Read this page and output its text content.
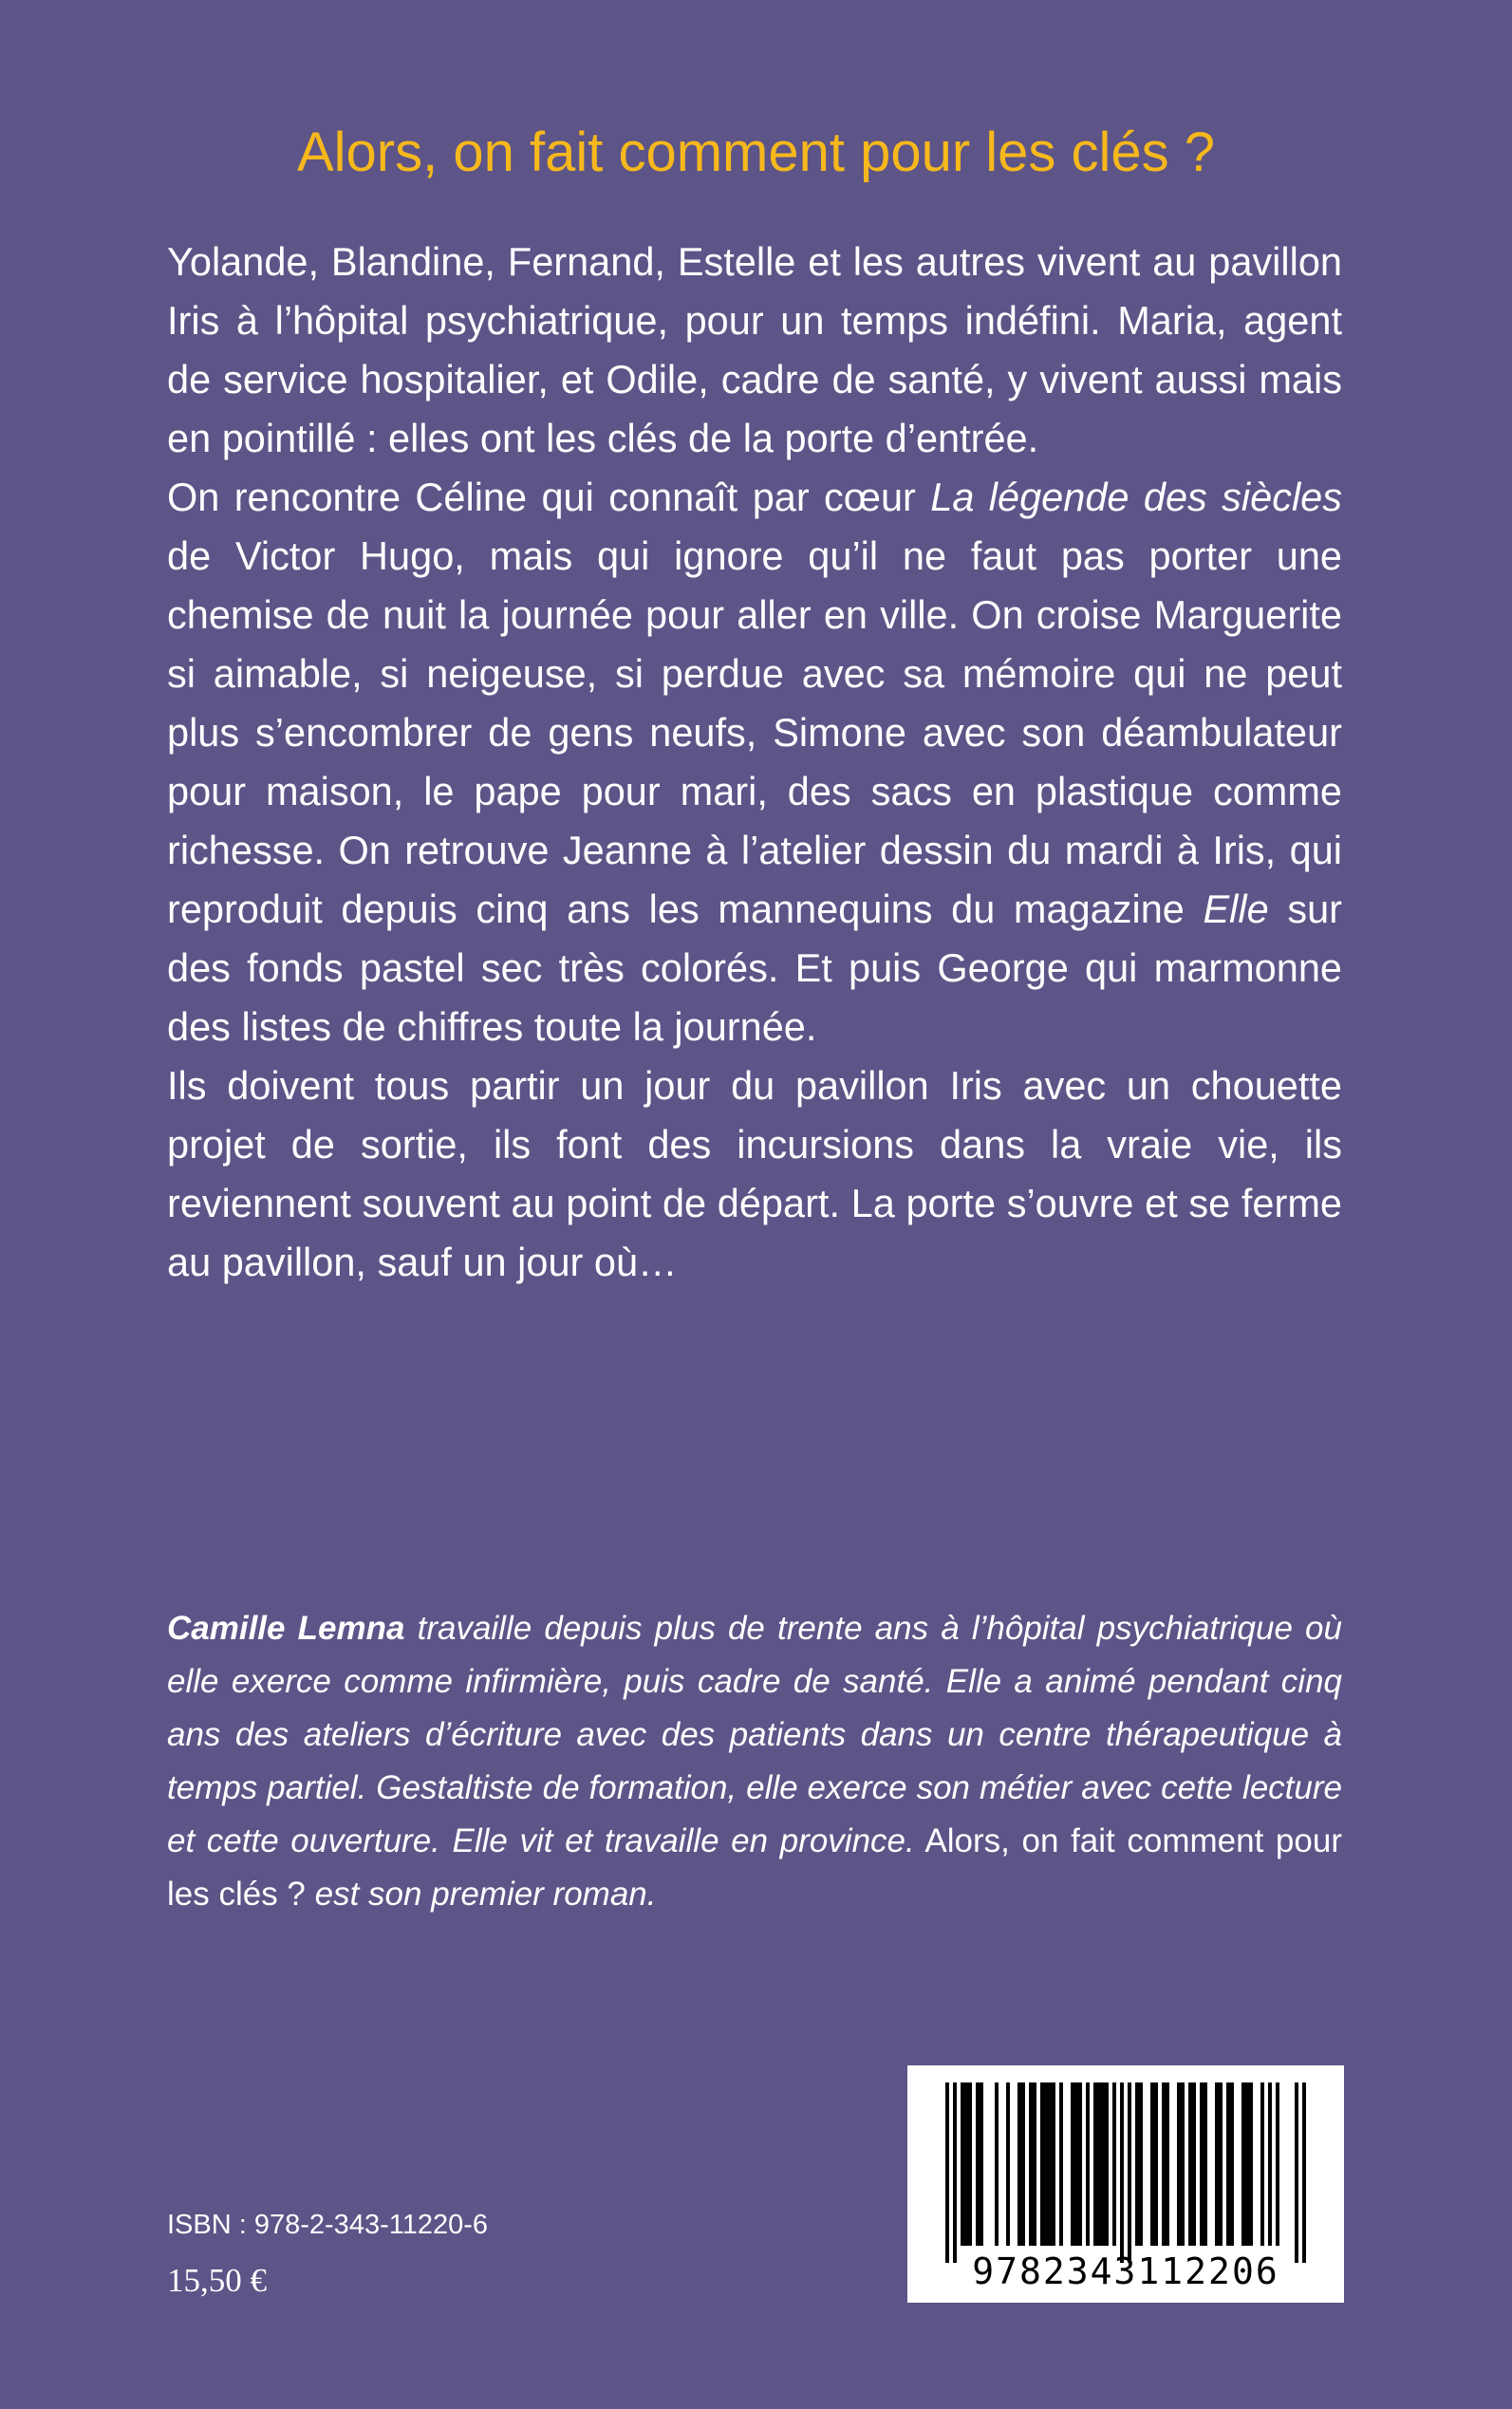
Alors, on fait comment pour les clés ?

Yolande, Blandine, Fernand, Estelle et les autres vivent au pavillon Iris à l’hôpital psychiatrique, pour un temps indéfini. Maria, agent de service hospitalier, et Odile, cadre de santé, y vivent aussi mais en pointillé : elles ont les clés de la porte d’entrée.

On rencontre Céline qui connaît par cœur La légende des siècles de Victor Hugo, mais qui ignore qu’il ne faut pas porter une chemise de nuit la journée pour aller en ville. On croise Marguerite si aimable, si neigeuse, si perdue avec sa mémoire qui ne peut plus s’encombrer de gens neufs, Simone avec son déambulateur pour maison, le pape pour mari, des sacs en plastique comme richesse. On retrouve Jeanne à l’atelier dessin du mardi à Iris, qui reproduit depuis cinq ans les mannequins du magazine Elle sur des fonds pastel sec très colorés. Et puis George qui marmonne des listes de chiffres toute la journée.

Ils doivent tous partir un jour du pavillon Iris avec un chouette projet de sortie, ils font des incursions dans la vraie vie, ils reviennent souvent au point de départ. La porte s’ouvre et se ferme au pavillon, sauf un jour où…

Camille Lemna travaille depuis plus de trente ans à l’hôpital psychiatrique où elle exerce comme infirmière, puis cadre de santé. Elle a animé pendant cinq ans des ateliers d’écriture avec des patients dans un centre thérapeutique à temps partiel. Gestaltiste de formation, elle exerce son métier avec cette lecture et cette ouverture. Elle vit et travaille en province. Alors, on fait comment pour les clés ? est son premier roman.

ISBN : 978-2-343-11220-6
15,50 €	9782343112206
